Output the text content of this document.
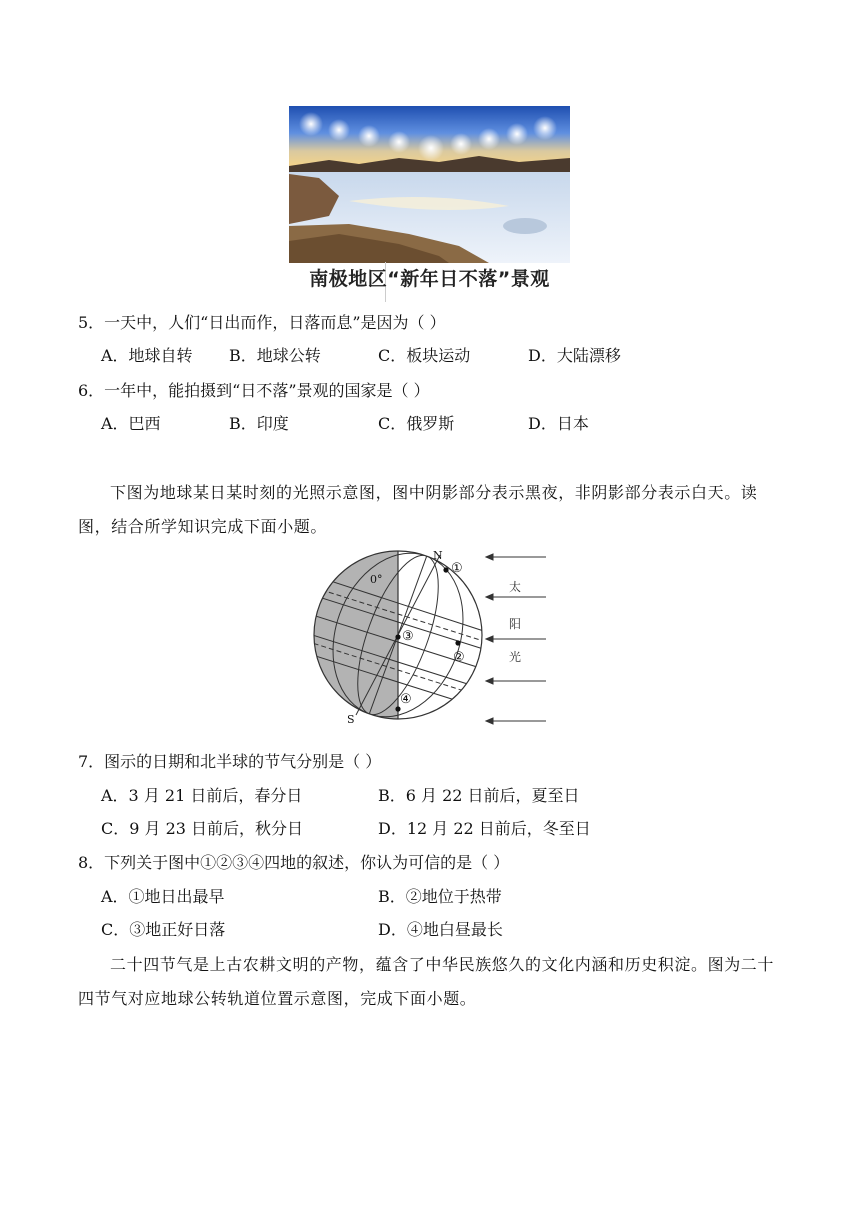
南极地区“新年日不落”景观
5．一天中，人们“日出而作，日落而息”是因为（ ）
A．地球自转 B．地球公转	C．板块运动	D．大陆漂移
6．一年中，能拍摄到“日不落”景观的国家是（ ）
A．巴西	B．印度	C．俄罗斯	D．日本
下图为地球某日某时刻的光照示意图，图中阴影部分表示黑夜，非阴影部分表示白天。读图，结合所学知识完成下面小题。
N
S
0°
①
②
③
④
太
阳
光
7．图示的日期和北半球的节气分别是（ ）
A．3 月 21 日前后，春分日	B．6 月 22 日前后，夏至日
C．9 月 23 日前后，秋分日	D．12 月 22 日前后，冬至日
8．下列关于图中①②③④四地的叙述，你认为可信的是（ ）
A．①地日出最早	B．②地位于热带
C．③地正好日落	D．④地白昼最长
二十四节气是上古农耕文明的产物，蕴含了中华民族悠久的文化内涵和历史积淀。图为二十四节气对应地球公转轨道位置示意图，完成下面小题。
